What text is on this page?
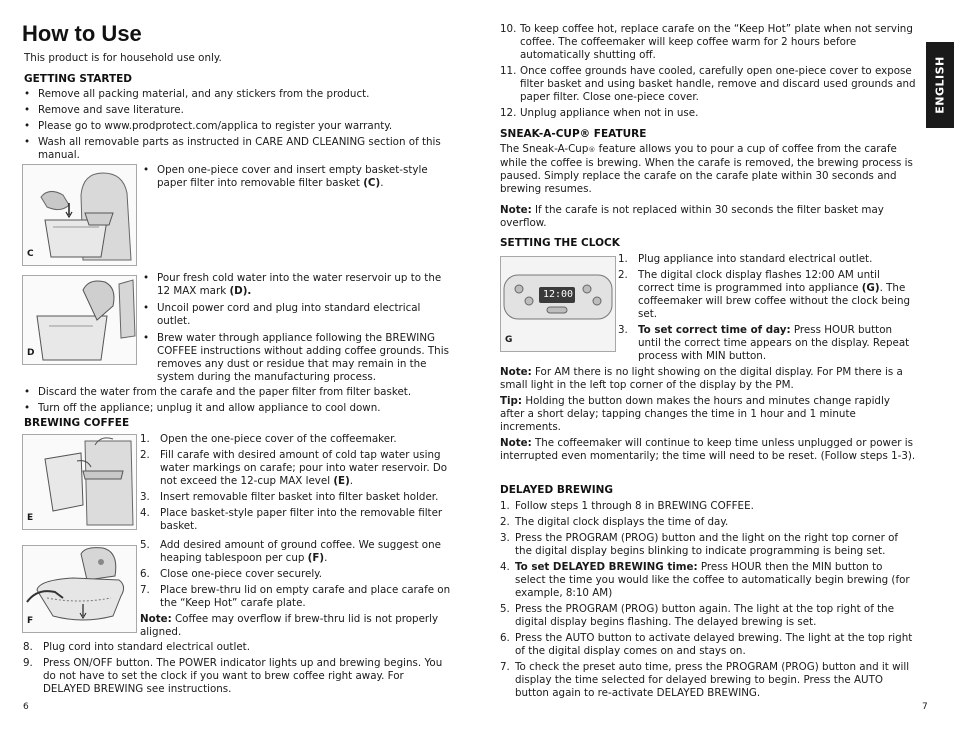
How to Use

This product is for household use only.

GETTING STARTED

• Remove all packing material, and any stickers from the product.

• Remove and save literature.

• Please go to www.prodprotect.com/applica to register your warranty.

• Wash all removable parts as instructed in CARE AND CLEANING section of this manual.

C

• Open one-piece cover and insert empty basket-style paper filter into removable filter basket (C).

D

• Pour fresh cold water into the water reservoir up to the 12 MAX mark (D).

• Uncoil power cord and plug into standard electrical outlet.

• Brew water through appliance following the BREWING COFFEE instructions without adding coffee grounds. This removes any dust or residue that may remain in the system during the manufacturing process.

• Discard the water from the carafe and the paper filter from filter basket.

• Turn off the appliance; unplug it and allow appliance to cool down.

BREWING COFFEE
E

1. Open the one-piece cover of the coffeemaker.

2. Fill carafe with desired amount of cold tap water using water markings on carafe; pour into water reservoir. Do not exceed the 12-cup MAX level (E).

3. Insert removable filter basket into filter basket holder.

4. Place basket-style paper filter into the removable filter basket.

F

5. Add desired amount of ground coffee. We suggest one heaping tablespoon per cup (F).

6. Close one-piece cover securely.

7. Place brew-thru lid on empty carafe and place carafe on the “Keep Hot” carafe plate.

Note: Coffee may overflow if brew-thru lid is not properly aligned.

8. Plug cord into standard electrical outlet.

9. Press ON/OFF button. The POWER indicator lights up and brewing begins. You do not have to set the clock if you want to brew coffee right away. For DELAYED BREWING see instructions.

6

10. To keep coffee hot, replace carafe on the “Keep Hot” plate when not serving coffee. The coffeemaker will keep coffee warm for 2 hours before automatically shutting off.

11. Once coffee grounds have cooled, carefully open one-piece cover to expose filter basket and using basket handle, remove and discard used grounds and paper filter. Close one-piece cover.

12. Unplug appliance when not in use.

SNEAK-A-CUP® FEATURE

The Sneak-A-Cup® feature allows you to pour a cup of coffee from the carafe while the coffee is brewing. When the carafe is removed, the brewing process is paused. Simply replace the carafe on the carafe plate within 30 seconds and brewing resumes.

Note: If the carafe is not replaced within 30 seconds the filter basket may overflow.

SETTING THE CLOCK
12:00
G

1. Plug appliance into standard electrical outlet.

2. The digital clock display flashes 12:00 AM until correct time is programmed into appliance (G). The coffeemaker will brew coffee without the clock being set.

3. To set correct time of day: Press HOUR button until the correct time appears on the display. Repeat process with MIN button.

Note: For AM there is no light showing on the digital display. For PM there is a small light in the left top corner of the display by the PM.

Tip: Holding the button down makes the hours and minutes change rapidly after a short delay; tapping changes the time in 1 hour and 1 minute increments.

Note: The coffeemaker will continue to keep time unless unplugged or power is interrupted even momentarily; the time will need to be reset. (Follow steps 1-3).

DELAYED BREWING

1. Follow steps 1 through 8 in BREWING COFFEE.

2. The digital clock displays the time of day.

3. Press the PROGRAM (PROG) button and the light on the right top corner of the digital display begins blinking to indicate programming is being set.

4. To set DELAYED BREWING time: Press HOUR then the MIN button to select the time you would like the coffee to automatically begin brewing (for example, 8:10 AM)

5. Press the PROGRAM (PROG) button again. The light at the top right of the digital display begins flashing. The delayed brewing is set.

6. Press the AUTO button to activate delayed brewing. The light at the top right of the digital display comes on and stays on.

7. To check the preset auto time, press the PROGRAM (PROG) button and it will display the time selected for delayed brewing to begin. Press the AUTO button again to re-activate DELAYED BREWING.

7
ENGLISH
